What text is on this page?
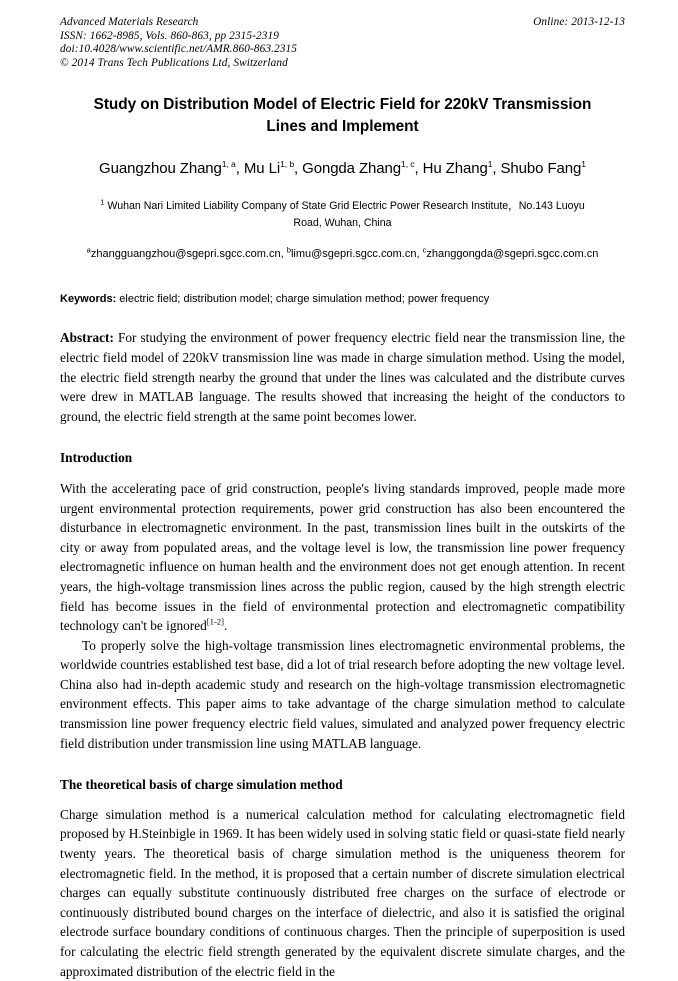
Advanced Materials Research
ISSN: 1662-8985, Vols. 860-863, pp 2315-2319
doi:10.4028/www.scientific.net/AMR.860-863.2315
© 2014 Trans Tech Publications Ltd, Switzerland
Online: 2013-12-13
Study on Distribution Model of Electric Field for 220kV Transmission Lines and Implement
Guangzhou Zhang$^{1, a}$, Mu Li$^{1, b}$, Gongda Zhang$^{1, c}$, Hu Zhang$^1$, Shubo Fang$^1$
$^1$ Wuhan Nari Limited Liability Company of State Grid Electric Power Research Institute，No.143 Luoyu Road, Wuhan, China
$^a$zhangguangzhou@sgepri.sgcc.com.cn, $^b$limu@sgepri.sgcc.com.cn, $^c$zhanggongda@sgepri.sgcc.com.cn
Keywords: electric field; distribution model; charge simulation method; power frequency
Abstract: For studying the environment of power frequency electric field near the transmission line, the electric field model of 220kV transmission line was made in charge simulation method. Using the model, the electric field strength nearby the ground that under the lines was calculated and the distribute curves were drew in MATLAB language. The results showed that increasing the height of the conductors to ground, the electric field strength at the same point becomes lower.
Introduction
With the accelerating pace of grid construction, people's living standards improved, people made more urgent environmental protection requirements, power grid construction has also been encountered the disturbance in electromagnetic environment. In the past, transmission lines built in the outskirts of the city or away from populated areas, and the voltage level is low, the transmission line power frequency electromagnetic influence on human health and the environment does not get enough attention. In recent years, the high-voltage transmission lines across the public region, caused by the high strength electric field has become issues in the field of environmental protection and electromagnetic compatibility technology can't be ignored[1-2].
To properly solve the high-voltage transmission lines electromagnetic environmental problems, the worldwide countries established test base, did a lot of trial research before adopting the new voltage level. China also had in-depth academic study and research on the high-voltage transmission electromagnetic environment effects. This paper aims to take advantage of the charge simulation method to calculate transmission line power frequency electric field values, simulated and analyzed power frequency electric field distribution under transmission line using MATLAB language.
The theoretical basis of charge simulation method
Charge simulation method is a numerical calculation method for calculating electromagnetic field proposed by H.Steinbigle in 1969. It has been widely used in solving static field or quasi-state field nearly twenty years. The theoretical basis of charge simulation method is the uniqueness theorem for electromagnetic field. In the method, it is proposed that a certain number of discrete simulation electrical charges can equally substitute continuously distributed free charges on the surface of electrode or continuously distributed bound charges on the interface of dielectric, and also it is satisfied the original electrode surface boundary conditions of continuous charges. Then the principle of superposition is used for calculating the electric field strength generated by the equivalent discrete simulate charges, and the approximated distribution of the electric field in the
